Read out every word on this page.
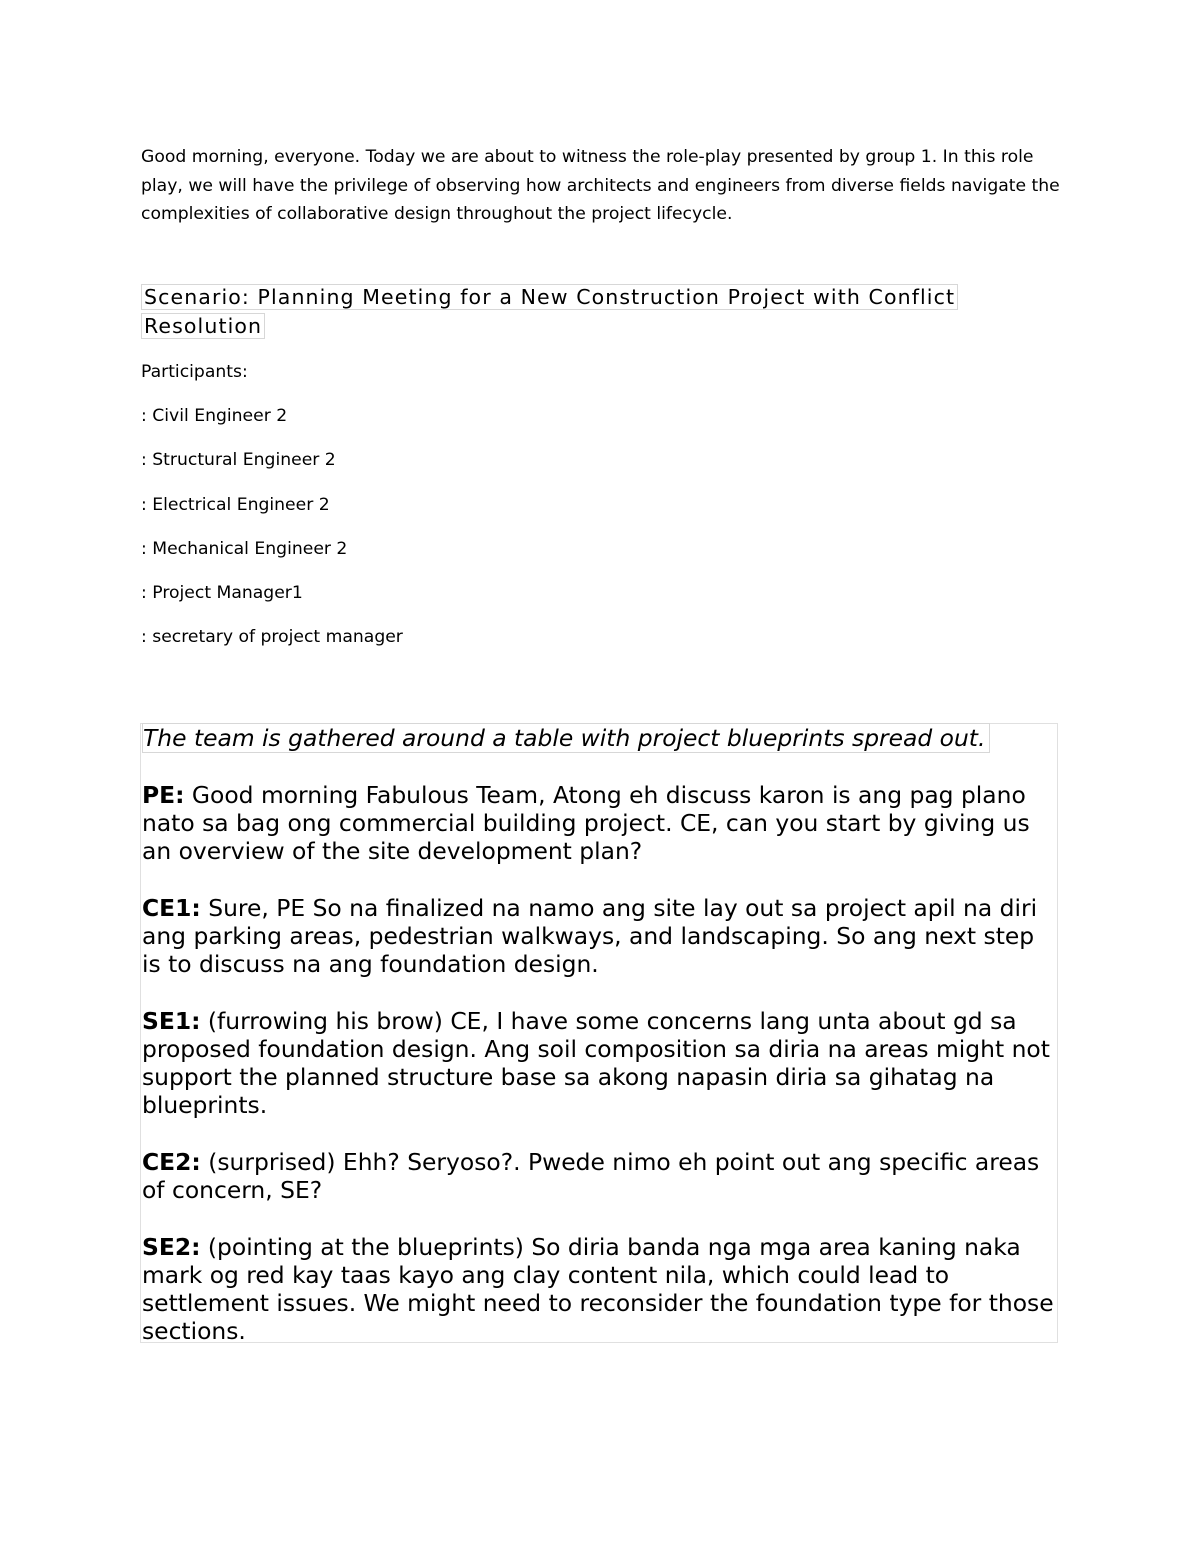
Good morning, everyone. Today we are about to witness the role-play presented by group 1. In this role play, we will have the privilege of observing how architects and engineers from diverse fields navigate the complexities of collaborative design throughout the project lifecycle.

Scenario: Planning Meeting for a New Construction Project with Conflict Resolution

Participants:

: Civil Engineer 2
: Structural Engineer 2
: Electrical Engineer 2
: Mechanical Engineer 2
: Project Manager1
: secretary of project manager

The team is gathered around a table with project blueprints spread out.

PE: Good morning Fabulous Team, Atong eh discuss karon is ang pag plano nato sa bag ong commercial building project. CE, can you start by giving us an overview of the site development plan?

CE1: Sure, PE So na finalized na namo ang site lay out sa project apil na diri ang parking areas, pedestrian walkways, and landscaping. So ang next step is to discuss na ang foundation design.

SE1: (furrowing his brow) CE, I have some concerns lang unta about gd sa proposed foundation design. Ang soil composition sa diria na areas might not support the planned structure base sa akong napasin diria sa gihatag na blueprints.

CE2: (surprised) Ehh? Seryoso?. Pwede nimo eh point out ang specific areas of concern, SE?

SE2: (pointing at the blueprints) So diria banda nga mga area kaning naka mark og red kay taas kayo ang clay content nila, which could lead to settlement issues. We might need to reconsider the foundation type for those sections.
